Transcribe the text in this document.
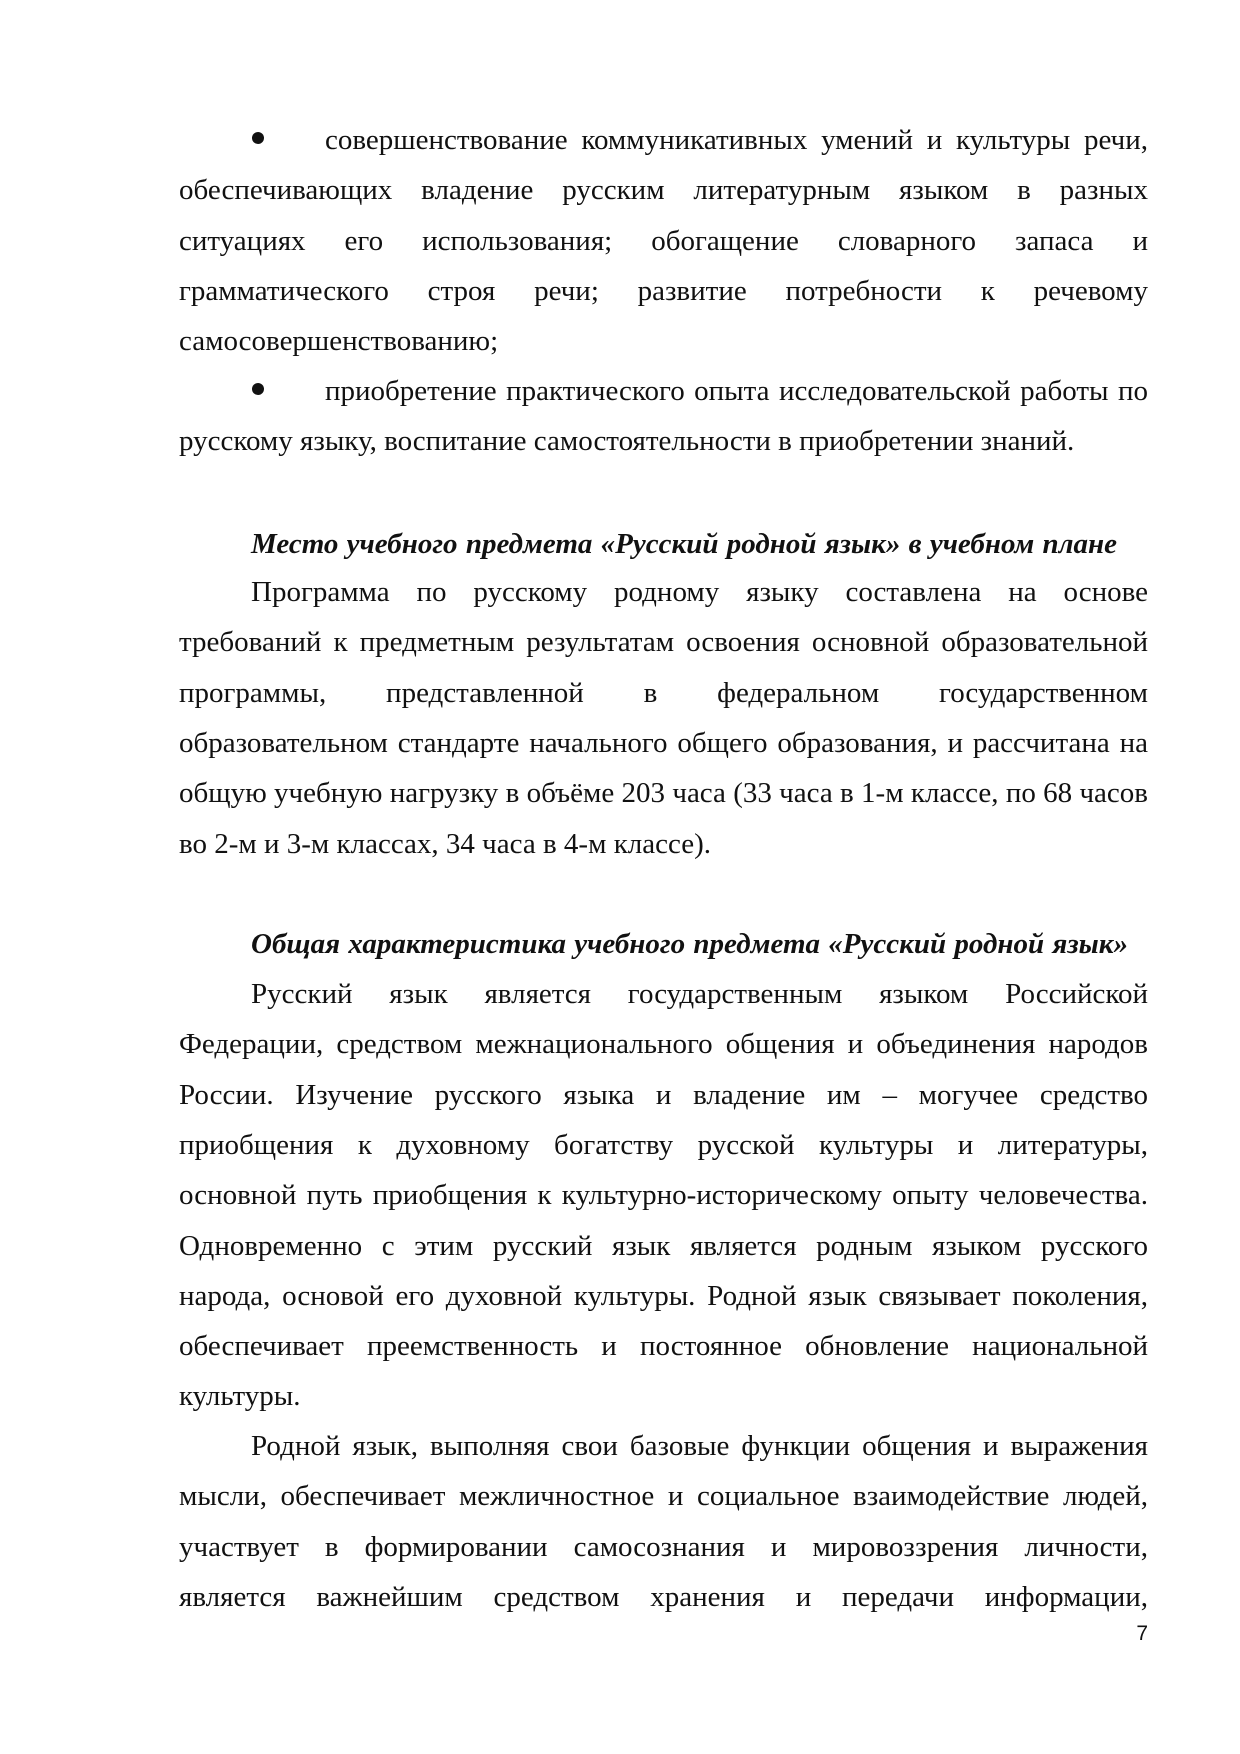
7
совершенствование коммуникативных умений и культуры речи,
обеспечивающих владение русским литературным языком в разных
ситуациях его использования; обогащение словарного запаса и
грамматического строя речи; развитие потребности к речевому
самосовершенствованию;
приобретение практического опыта исследовательской работы по
русскому языку, воспитание самостоятельности в приобретении знаний.
Место учебного предмета «Русский родной язык» в учебном плане
Программа по русскому родному языку составлена на основе
требований к предметным результатам освоения основной образовательной
программы, представленной в федеральном государственном
образовательном стандарте начального общего образования, и рассчитана на
общую учебную нагрузку в объёме 203 часа (33 часа в 1-м классе, по 68 часов
во 2-м и 3-м классах, 34 часа в 4-м классе).
Общая характеристика учебного предмета «Русский родной язык»
Русский язык является государственным языком Российской
Федерации, средством межнационального общения и объединения народов
России. Изучение русского языка и владение им – могучее средство
приобщения к духовному богатству русской культуры и литературы,
основной путь приобщения к культурно-историческому опыту человечества.
Одновременно с этим русский язык является родным языком русского
народа, основой его духовной культуры. Родной язык связывает поколения,
обеспечивает преемственность и постоянное обновление национальной
культуры.
Родной язык, выполняя свои базовые функции общения и выражения
мысли, обеспечивает межличностное и социальное взаимодействие людей,
участвует в формировании самосознания и мировоззрения личности,
является важнейшим средством хранения и передачи информации,
